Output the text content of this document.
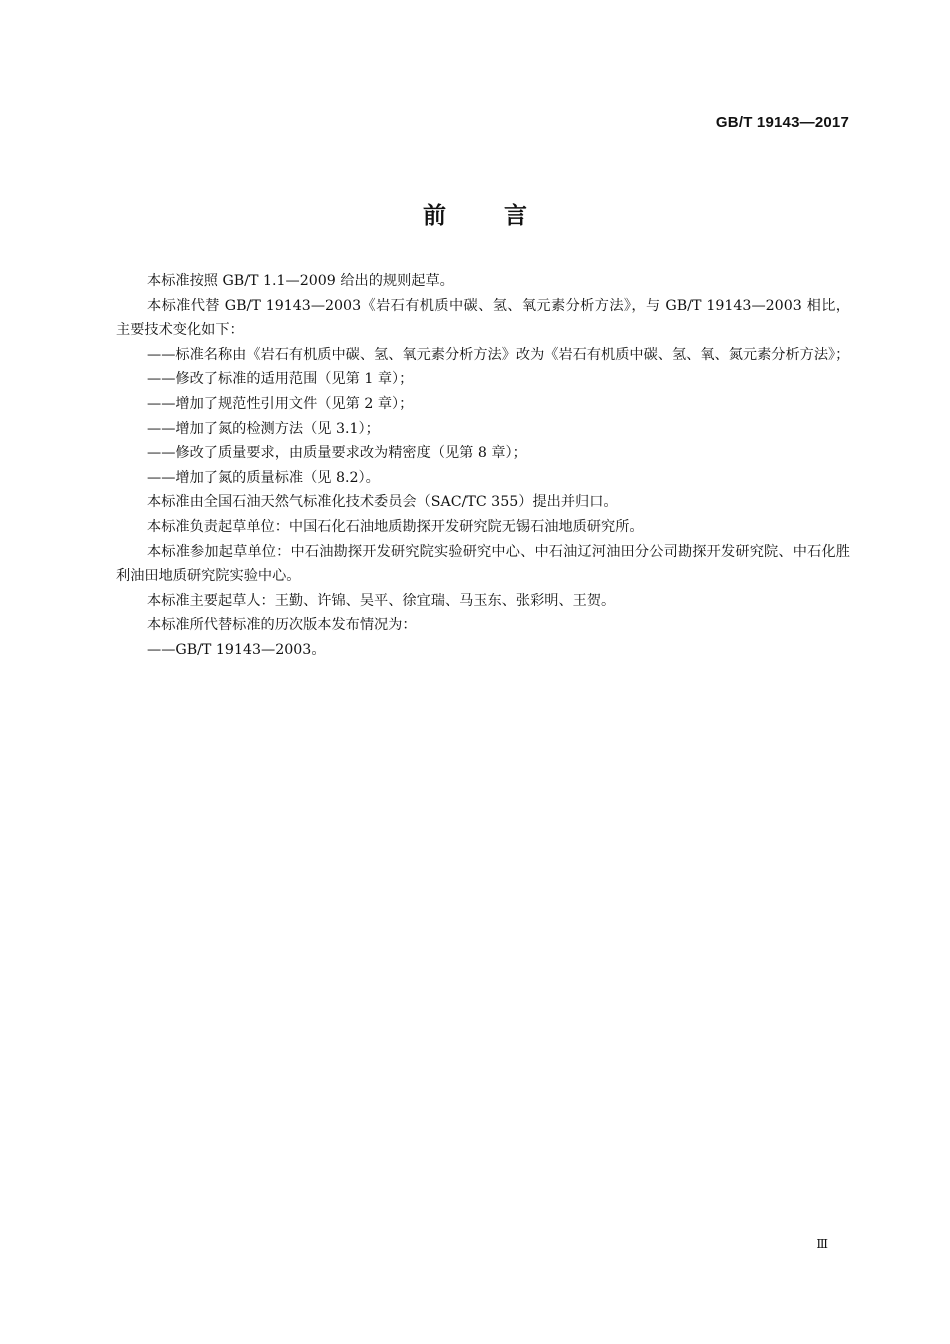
GB/T 19143—2017
前言

本标准按照 GB/T 1.1—2009 给出的规则起草。

本标准代替 GB/T 19143—2003《岩石有机质中碳、氢、氧元素分析方法》，与 GB/T 19143—2003 相比，主要技术变化如下：

——标准名称由《岩石有机质中碳、氢、氧元素分析方法》改为《岩石有机质中碳、氢、氧、氮元素分析方法》；

——修改了标准的适用范围（见第 1 章）；

——增加了规范性引用文件（见第 2 章）；

——增加了氮的检测方法（见 3.1）；

——修改了质量要求，由质量要求改为精密度（见第 8 章）；

——增加了氮的质量标准（见 8.2）。

本标准由全国石油天然气标准化技术委员会（SAC/TC 355）提出并归口。

本标准负责起草单位：中国石化石油地质勘探开发研究院无锡石油地质研究所。

本标准参加起草单位：中石油勘探开发研究院实验研究中心、中石油辽河油田分公司勘探开发研究院、中石化胜利油田地质研究院实验中心。

本标准主要起草人：王勤、许锦、吴平、徐宜瑞、马玉东、张彩明、王贺。

本标准所代替标准的历次版本发布情况为：

——GB/T 19143—2003。

Ⅲ
